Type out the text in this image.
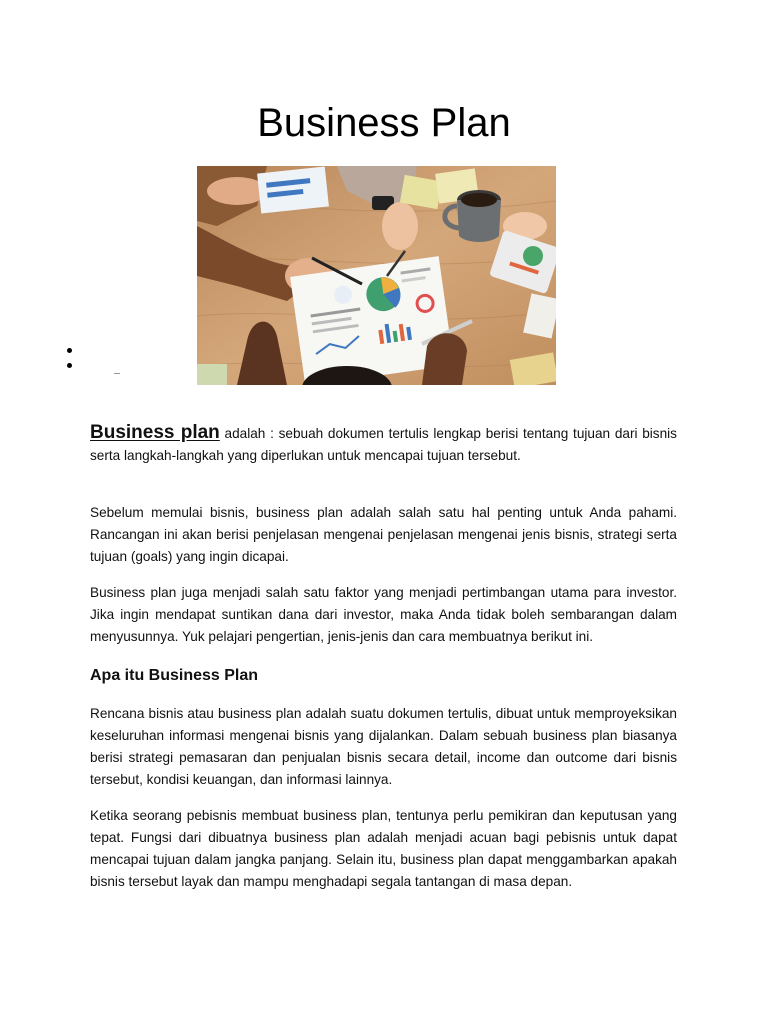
Business Plan

Business plan adalah : sebuah dokumen tertulis lengkap berisi tentang tujuan dari bisnis serta langkah-langkah yang diperlukan untuk mencapai tujuan tersebut.

Sebelum memulai bisnis, business plan adalah salah satu hal penting untuk Anda pahami. Rancangan ini akan berisi penjelasan mengenai penjelasan mengenai jenis bisnis, strategi serta tujuan (goals) yang ingin dicapai.

Business plan juga menjadi salah satu faktor yang menjadi pertimbangan utama para investor. Jika ingin mendapat suntikan dana dari investor, maka Anda tidak boleh sembarangan dalam menyusunnya. Yuk pelajari pengertian, jenis-jenis dan cara membuatnya berikut ini.

Apa itu Business Plan

Rencana bisnis atau business plan adalah suatu dokumen tertulis, dibuat untuk memproyeksikan keseluruhan informasi mengenai bisnis yang dijalankan. Dalam sebuah business plan biasanya berisi strategi pemasaran dan penjualan bisnis secara detail, income dan outcome dari bisnis tersebut, kondisi keuangan, dan informasi lainnya.

Ketika seorang pebisnis membuat business plan, tentunya perlu pemikiran dan keputusan yang tepat. Fungsi dari dibuatnya business plan adalah menjadi acuan bagi pebisnis untuk dapat mencapai tujuan dalam jangka panjang. Selain itu, business plan dapat menggambarkan apakah bisnis tersebut layak dan mampu menghadapi segala tantangan di masa depan.
